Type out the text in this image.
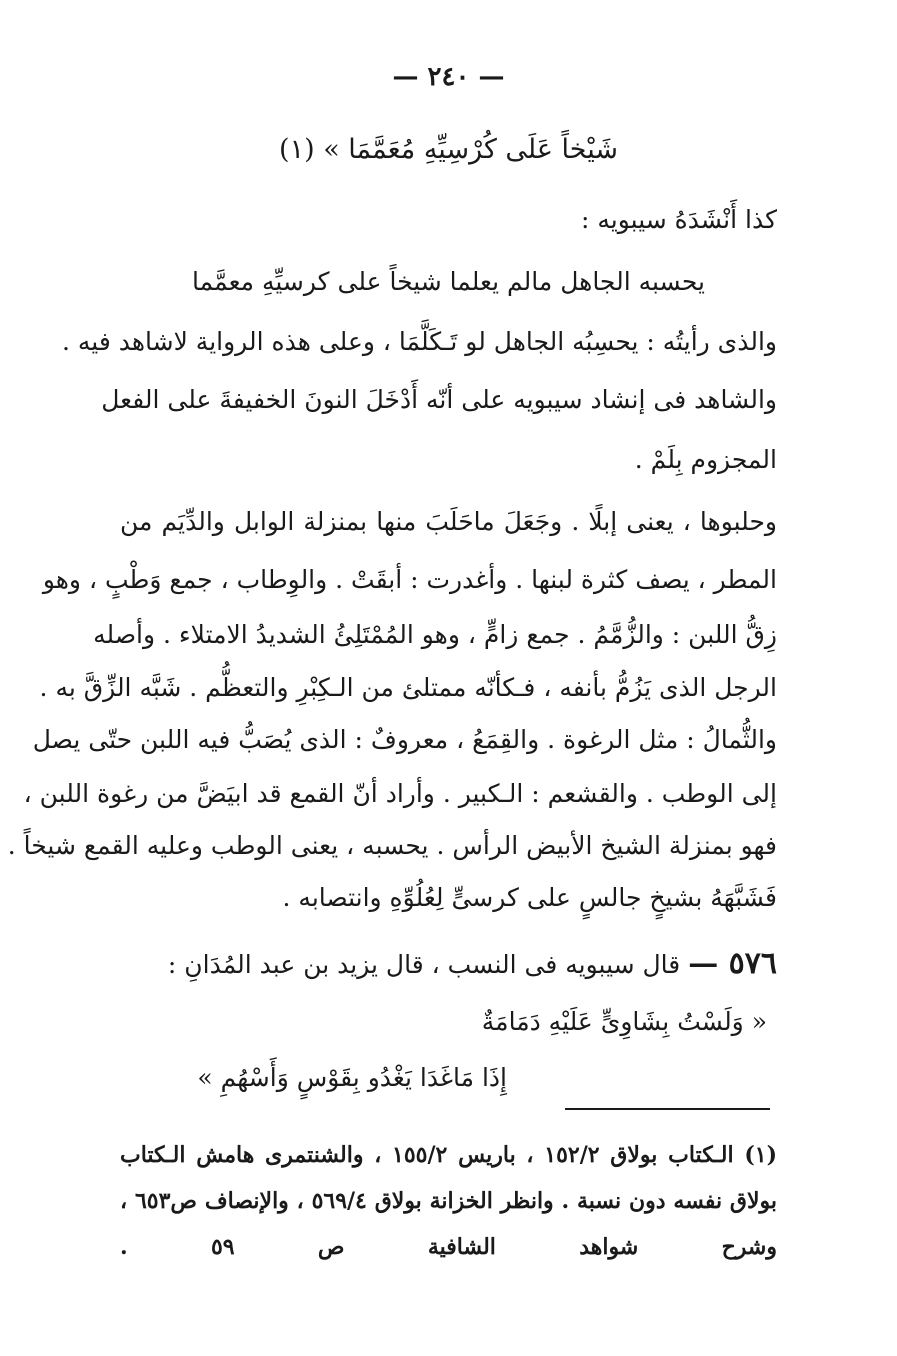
— ٢٤٠ —
شَيْخاً عَلَى كُرْسِيِّهِ مُعَمَّمَا » (١)
كذا أَنْشَدَهُ سيبويه :
يحسبه الجاهل مالم يعلما شيخاً على كرسيِّهِ معمَّما
والذى رأيتُه : يحسِبُه الجاهل لو تَـكَلَّمَا ، وعلى هذه الرواية لاشاهد فيه .
والشاهد فى إنشاد سيبويه على أنّه أَدْخَلَ النونَ الخفيفةَ على الفعل
المجزوم بِلَمْ .
وحلبوها ، يعنى إبلًا . وجَعَلَ ماحَلَبَ منها بمنزلة الوابل والدِّيَم من
المطر ، يصف كثرة لبنها . وأغدرت : أبقَتْ . والوِطاب ، جمع وَطْبٍ ، وهو
زِقُّ اللبن : والزُّمَّمُ . جمع زامٍّ ، وهو المُمْتَلِئُ الشديدُ الامتلاء . وأصله
الرجل الذى يَزُمُّ بأنفه ، فـكأنّه ممتلئ من الـكِبْرِ والتعظُّم . شَبَّه الزِّقَّ به .
والثُّمالُ : مثل الرغوة . والقِمَعُ ، معروفٌ : الذى يُصَبُّ فيه اللبن حتّى يصل
إلى الوطب . والقشعم : الـكبير . وأراد أنّ القمع قد ابيَضَّ من رغوة اللبن ،
فهو بمنزلة الشيخ الأبيض الرأس . يحسبه ، يعنى الوطب وعليه القمع شيخاً .
فَشَبَّهَهُ بشيخٍ جالسٍ على كرسىٍّ لِعُلُوِّهِ وانتصابه .
٥٧٦ — قال سيبويه فى النسب ، قال يزيد بن عبد المُدَانِ :
« وَلَسْتُ بِشَاوِىٍّ عَلَيْهِ دَمَامَةٌ
إِذَا مَاغَدَا يَغْدُو بِقَوْسٍ وَأَسْهُمِ »
(١) الـكتاب بولاق ١٥٢/٢ ، باريس ١٥٥/٢ ، والشنتمرى هامش الـكتاب
بولاق نفسه دون نسبة . وانظر الخزانة بولاق ٥٦٩/٤ ، والإنصاف ص٦٥٣ ،
وشرح شواهد الشافية ص ٥٩ .
